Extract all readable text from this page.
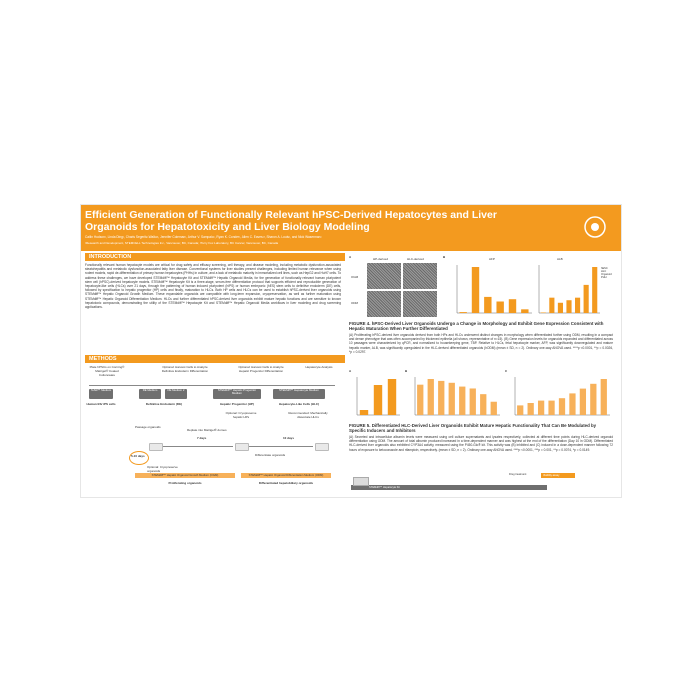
Efficient Generation of Functionally Relevant hPSC-Derived Hepatocytes and Liver Organoids for Hepatotoxicity and Liver Biology Modeling
Cailin Hudson¹, Linda Ding¹, Charis Segeritz-Walko¹, Jennifer Coleman¹, Arthur V. Sampaio¹, Ryan K. Conder¹, Allen C. Eaves¹², Sharon A. Louis¹, and Nick Waserman¹
¹Research and Development, STEMCELL Technologies Inc., Vancouver, BC, Canada; ²Terry Fox Laboratory, BC Cancer, Vancouver, BC, Canada
INTRODUCTION
Functionally relevant human hepatocyte models are critical for drug safety and efficacy screening, cell therapy, and disease modeling, including metabolic dysfunction-associated steatohepatitis and metabolic dysfunction-associated fatty liver disease. Conventional systems for liver studies present challenges, including limited human relevance when using rodent models, rapid de-differentiation of primary human hepatocytes (PHHs) in culture, and a lack of metabolic maturity in immortalized cell lines, such as HepG2 and HuH7 cells. To address these challenges, we have developed STEMdiff™ Hepatocyte Kit and STEMdiff™ Hepatic Organoid Media, for the generation of functionally relevant human pluripotent stem cell (hPSC)-derived hepatocyte models. STEMdiff™ Hepatocyte Kit is a three-stage, serum-free differentiation protocol that supports efficient and reproducible generation of hepatocyte-like cells (HLCs) over 21 days, through the patterning of human induced pluripotent (hiPS) or human embryonic (hES) stem cells to definitive endoderm (DE) cells, followed by specification to hepatic progenitor (HP) cells and finally, maturation to HLCs. Both HP cells and HLCs can be used to establish hPSC-derived liver organoids using STEMdiff™ Hepatic Organoid Growth Medium. These expandable organoids are compatible with long-term expansion, cryopreservation, as well as further maturation using STEMdiff™ Hepatic Organoid Differentiation Medium. HLCs and further differentiated hPSC-derived liver organoids exhibit mature hepatic functions and are sensitive to known hepatotoxic compounds, demonstrating the utility of the STEMdiff™ Hepatocyte Kit and STEMdiff™ Hepatic Organoid Media workflows in liver modeling and drug screening applications.
METHODS
Plate hPSCs on Corning® Matrigel® Coated Cultureware
Optional: Harvest Cells to Analyze Definitive Endoderm Differentiation
Optional: Harvest Cells to Analyze Hepatic Progenitor Differentiation
Hepatocyte Analysis
TeSR™ Medium	DE Medium	DE Medium 2	STEMdiff™ Hepatic Progenitor Medium
STEMdiff™ Hepatocyte Medium
Human ES/ iPS cells	Definitive Endoderm (DE)	Hepatic Progenitor (HP)	Hepatocyte-Like Cells (HLC)
Optional: Cryopreserve hepatic HPs
Recommended: Mechanically dissociate HLCs
Passage organoids
Replate into Matrigel® domes
7 days	10 days
5-10 days	Differentiate organoids
Optional: Cryopreserve organoids
STEMdiff™ Hepatic Organoid Growth Medium (OGM)	STEMdiff™ Hepatic Organoid Differentiation Medium (ODM)
Proliferating organoids	Differentiated hepatobiliary organoids
A	HP-derived	HLC-derived
OGM
ODM
B	AFP	ALB
hESC
HLC
Organoid
PHH
FIGURE 4. hPSC-Derived Liver Organoids Undergo a Change in Morphology and Exhibit Gene Expression Consistent with Hepatic Maturation When Further Differentiated
(A) Proliferating hPSC-derived liver organoids derived from both HPs and HLCs underwent distinct changes in morphology when differentiated further using ODM, resulting in a compact and dense phenotype that was often accompanied by thickened epithelia (all shown, representative of n=15). (B) Gene expression levels for organoids expanded and differentiated across 10 passages were characterized by qPCR, and normalized to housekeeping gene, TBP. Relative to HLCs, fetal hepatocyte marker, AFP, was significantly downregulated and mature hepatic marker, ALB, was significantly upregulated in the HLC-derived differentiated organoids (hODM) (mean ± SD, n = 2). Ordinary one-way ANOVA used. ****p <0.0001, **p = 0.0026, *p = 0.0297.
A	B	C
FIGURE 5. Differentiated HLC-Derived Liver Organoids Exhibit Mature Hepatic Functionality That Can Be Modulated by Specific Inducers and Inhibitors
(A) Secreted and intracellular albumin levels were measured using cell culture supernatants and lysates respectively, collected at different time points during HLC-derived organoid differentiation using ODM. The amount of total albumin produced increased in a time-dependent manner and was highest at the end of the differentiation (Day 10 in ODM). Differentiated HLC-derived liver organoids also exhibited CYP3A4 activity, measured using the P450-Glo® kit. This activity was (B) inhibited and (C) induced in a dose-dependent manner following 72 hours of exposure to ketoconazole and rifampicin, respectively. (mean ± SD, n = 2). Ordinary one-way ANOVA used. ****p <0.0001, ***p = 0.001, **p = 0.0074, *p = 0.0149.
Drug treatment	Viability assay
STEMdiff™ Hepatocyte Kit
